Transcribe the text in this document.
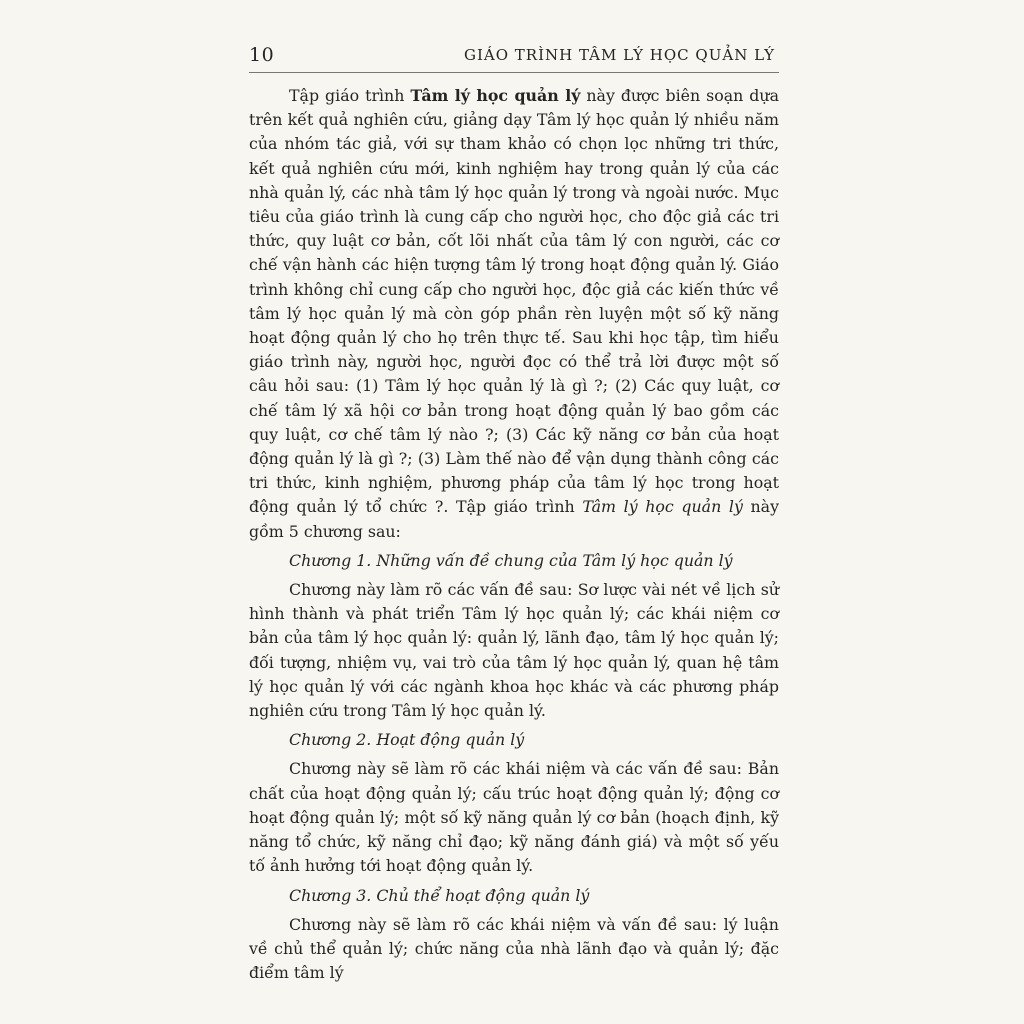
10	GIÁO TRÌNH TÂM LÝ HỌC QUẢN LÝ

Tập giáo trình Tâm lý học quản lý này được biên soạn dựa trên kết quả nghiên cứu, giảng dạy Tâm lý học quản lý nhiều năm của nhóm tác giả, với sự tham khảo có chọn lọc những tri thức, kết quả nghiên cứu mới, kinh nghiệm hay trong quản lý của các nhà quản lý, các nhà tâm lý học quản lý trong và ngoài nước. Mục tiêu của giáo trình là cung cấp cho người học, cho độc giả các tri thức, quy luật cơ bản, cốt lõi nhất của tâm lý con người, các cơ chế vận hành các hiện tượng tâm lý trong hoạt động quản lý. Giáo trình không chỉ cung cấp cho người học, độc giả các kiến thức về tâm lý học quản lý mà còn góp phần rèn luyện một số kỹ năng hoạt động quản lý cho họ trên thực tế. Sau khi học tập, tìm hiểu giáo trình này, người học, người đọc có thể trả lời được một số câu hỏi sau: (1) Tâm lý học quản lý là gì ?; (2) Các quy luật, cơ chế tâm lý xã hội cơ bản trong hoạt động quản lý bao gồm các quy luật, cơ chế tâm lý nào ?; (3) Các kỹ năng cơ bản của hoạt động quản lý là gì ?; (3) Làm thế nào để vận dụng thành công các tri thức, kinh nghiệm, phương pháp của tâm lý học trong hoạt động quản lý tổ chức ?. Tập giáo trình Tâm lý học quản lý này gồm 5 chương sau:

Chương 1. Những vấn đề chung của Tâm lý học quản lý

Chương này làm rõ các vấn đề sau: Sơ lược vài nét về lịch sử hình thành và phát triển Tâm lý học quản lý; các khái niệm cơ bản của tâm lý học quản lý: quản lý, lãnh đạo, tâm lý học quản lý; đối tượng, nhiệm vụ, vai trò của tâm lý học quản lý, quan hệ tâm lý học quản lý với các ngành khoa học khác và các phương pháp nghiên cứu trong Tâm lý học quản lý.

Chương 2. Hoạt động quản lý

Chương này sẽ làm rõ các khái niệm và các vấn đề sau: Bản chất của hoạt động quản lý; cấu trúc hoạt động quản lý; động cơ hoạt động quản lý; một số kỹ năng quản lý cơ bản (hoạch định, kỹ năng tổ chức, kỹ năng chỉ đạo; kỹ năng đánh giá) và một số yếu tố ảnh hưởng tới hoạt động quản lý.

Chương 3. Chủ thể hoạt động quản lý

Chương này sẽ làm rõ các khái niệm và vấn đề sau: lý luận về chủ thể quản lý; chức năng của nhà lãnh đạo và quản lý; đặc điểm tâm lý
